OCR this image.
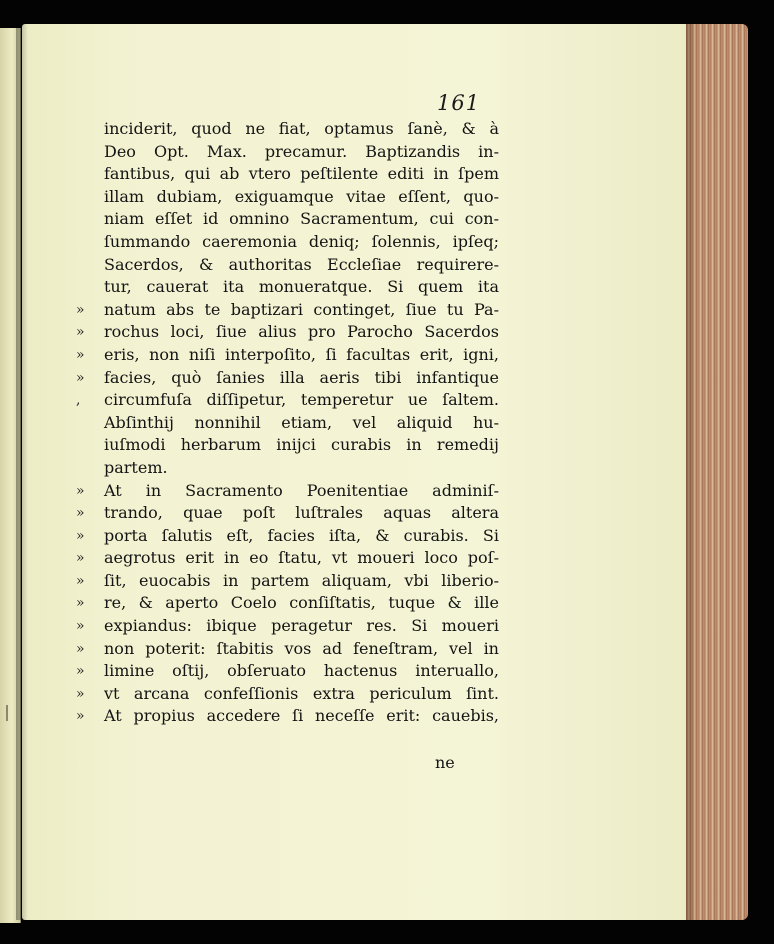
161
inciderit, quod ne fiat, optamus ſanè, & à
Deo Opt. Max. precamur. Baptizandis in-
fantibus, qui ab vtero peſtilente editi in ſpem
illam dubiam, exiguamque vitae eſſent, quo-
niam eſſet id omnino Sacramentum, cui con-
ſummando caeremonia deniq; ſolennis, ipſeq;
Sacerdos, & authoritas Eccleſiae requirere-
tur, cauerat ita monueratque. Si quem ita
»	natum abs te baptizari continget, ſiue tu Pa-
»	rochus loci, ſiue alius pro Parocho Sacerdos
»	eris, non niſi interpoſito, ſi facultas erit, igni,
»	facies, quò ſanies illa aeris tibi infantique
,	circumfuſa diſſipetur, temperetur ue ſaltem.
Abſinthij nonnihil etiam, vel aliquid hu-
iuſmodi herbarum inijci curabis in remedij
partem.
»	At in Sacramento Poenitentiae adminiſ-
»	trando, quae poſt luſtrales aquas altera
»	porta ſalutis eſt, facies iſta, & curabis. Si
»	aegrotus erit in eo ſtatu, vt moueri loco poſ-
»	ſit, euocabis in partem aliquam, vbi liberio-
»	re, & aperto Coelo conſiſtatis, tuque & ille
»	expiandus: ibique peragetur res. Si moueri
»	non poterit: ſtabitis vos ad feneſtram, vel in
»	limine oſtij, obſeruato hactenus interuallo,
»	vt arcana confeſſionis extra periculum ſint.
»	At propius accedere ſi neceſſe erit: cauebis,
ne
